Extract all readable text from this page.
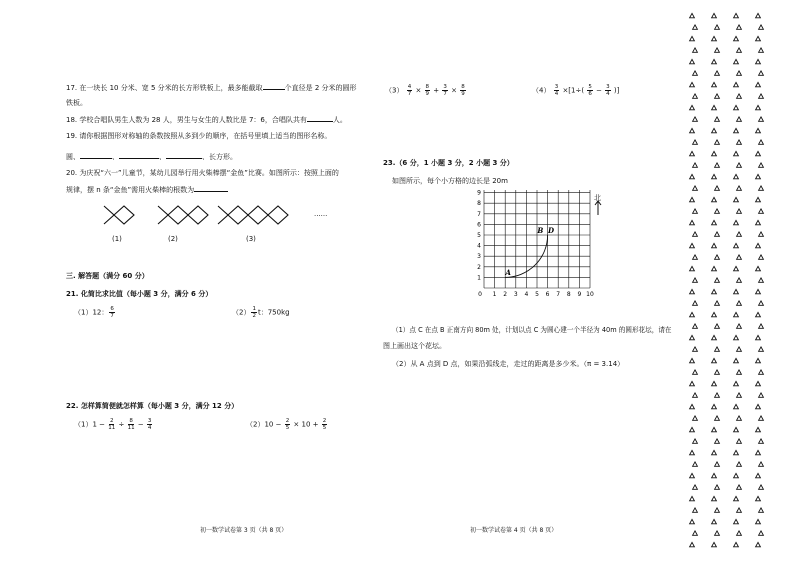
17. 在一块长 10 分米、宽 5 分米的长方形铁板上，最多能截取	个直径是 2 分米的圆形
铁板。
18. 学校合唱队男生人数为 28 人，男生与女生的人数比是 7：6，合唱队共有	人。
19. 请你根据图形对称轴的条数按照从多到少的顺序，在括号里填上适当的图形名称。
圆、	、	、	、长方形。
20. 为庆祝“六一”儿童节，某幼儿园举行用火柴棒摆“金鱼”比赛。如图所示：按照上面的
规律，摆 n 条“金鱼”需用火柴棒的根数为
(1)	(2)	(3)
......
三. 解答题（满分 60 分）
21. 化简比求比值（每小题 3 分，满分 6 分）
（1）12： $\frac{6}{7}$	$(2) \frac{1}{2}$ t：750kg
22. 怎样算简便就怎样算（每小题 3 分，满分 12 分）
$(1)1 - \frac{2}{11} \div \frac{8}{11} - \frac{3}{4}$	$(2)10 - \frac{2}{5} \times 10 + \frac{2}{5}$
初一数学试卷第 3 页（共 8 页）
$(3) \frac{4}{7} \times \frac{8}{9} + \frac{3}{7} \times \frac{8}{9}$	$(4) \frac{3}{4} \times[1\div( \frac{5}{6} - \frac{3}{4}$ )]
23.（6 分，1 小题 3 分，2 小题 3 分）
如图所示，每个小方格的边长是 20m
1 2 3 4 5 6 7 8 9 10
1
2
3
4
5
6
7
8
9
0
A
B D
北
（1）点 C 在点 B 正南方向 80m 处，计划以点 C 为圆心建一个半径为 40m 的圆形花坛，请在
图上画出这个花坛。
（2）从 A 点到 D 点，如果沿弧线走，走过的距离是多少米。（π = 3.14）
初一数学试卷第 4 页（共 8 页）
